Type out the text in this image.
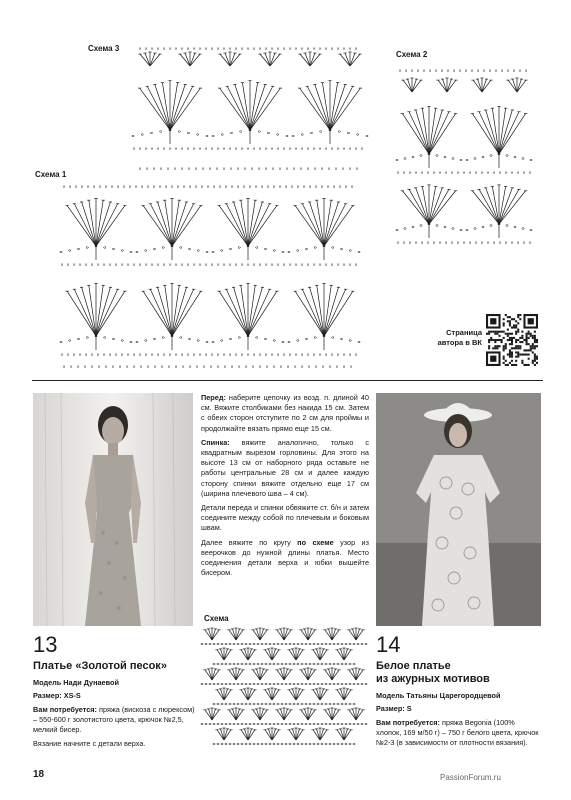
Схема 3
Схема 2
Схема 1
Схема
× × × × × × × × × × × × × × × × × × × × × × × × × × × × × × × × × × × × ×
× × × × × × × × × × × × × × × × × × × × × × × × × × × × × × × × × × × × × × ×
× × × × × × × × × × × × × × × × × × × × × × × × × × × × × × × ×
× × × × × × × × × × × × × × × × × × × × × ×
× × × × × × × × × × × × × × × × × × × × × × ×
× × × × × × × × × × × × × × × × × × × × × × ×
× × × × × × × × × × × × × × × × × × × × × × × × × × × × × × × × × × × × × × × × × × × × × × × × ×
× × × × × × × × × × × × × × × × × × × × × × × × × × × × × × × × × × × × × × × × × × × × × × × × × ×
× × × × × × × × × × × × × × × × × × × × × × × × × × × × × × × × × × × × × × × × × × × × × × × × × ×
× × × × × × × × × × × × × × × × × × × × × × × × × × × × × × × × × × × × × × × × × ×
Страница
автора в ВК

Перед: наберите цепочку из возд. п. длиной 40 см. Вяжите столбиками без накида 15 см. Затем с обеих сторон отступите по 2 см для проймы и продолжайте вязать прямо еще 15 см.

Спинка: вяжите аналогично, только с квадратным вырезом горловины. Для этого на высоте 13 см от наборного ряда оставьте не работы центральные 28 см и далее каждую сторону спинки вяжите отдельно еще 17 см (ширина плечевого шва – 4 см).

Детали переда и спинки обвяжите ст. б/н и затем соедините между собой по плечевым и боковым швам.

Далее вяжите по кругу по схеме узор из веерочков до нужной длины платья. Место соединения детали верха и юбки вышейте бисером.

13
Платье «Золотой песок»
Модель Нади Дунаевой
Размер: XS-S
Вам потребуется: пряжа (вискоза с люрексом) – 550-600 г золотистого цвета, крючок №2,5, мелкий бисер.
Вязание начните с детали верха.
14
Белое платье
из ажурных мотивов
Модель Татьяны Царегородцевой
Размер: S
Вам потребуется: пряжа Begonia (100% хлопок, 169 м/50 г) – 750 г белого цвета, крючок №2-3 (в зависимости от плотности вязания).
18	PassionForum.ru
